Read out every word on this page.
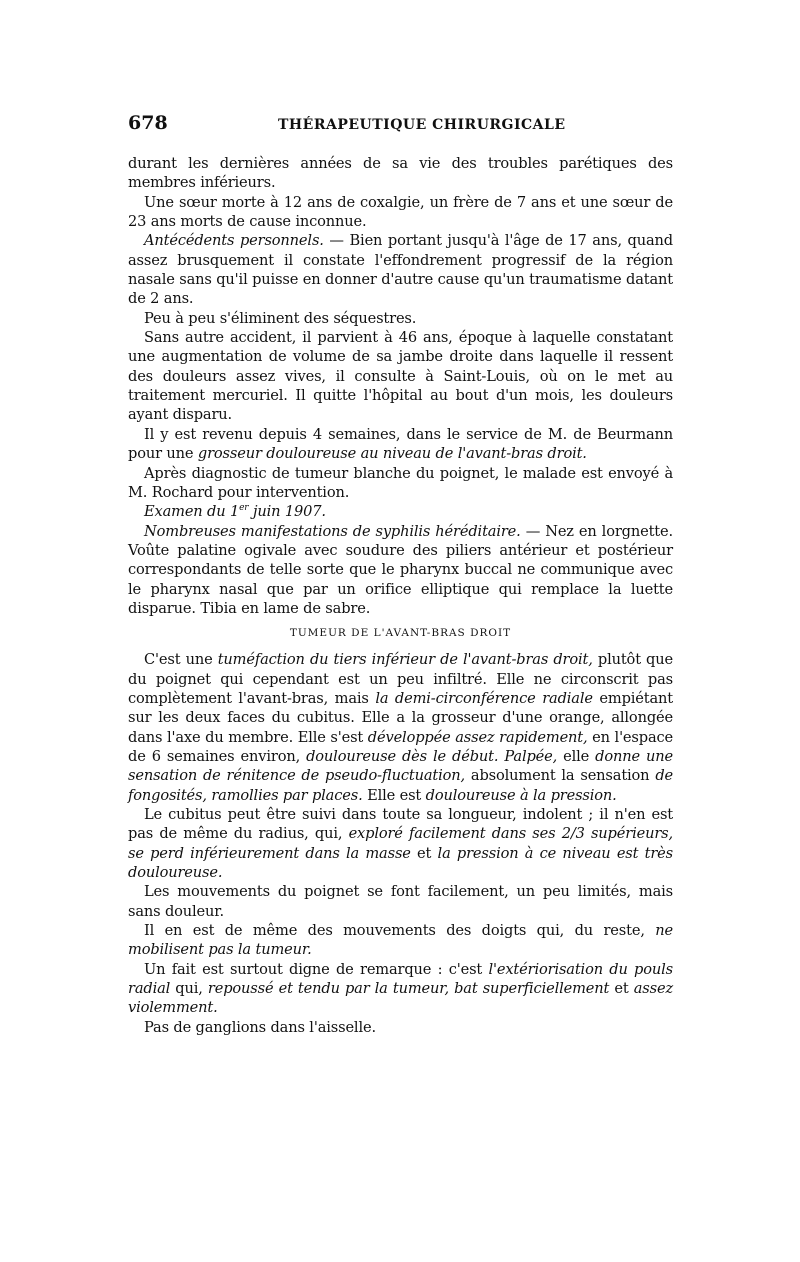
678	THÉRAPEUTIQUE CHIRURGICALE

durant les dernières années de sa vie des troubles parétiques des membres inférieurs.

Une sœur morte à 12 ans de coxalgie, un frère de 7 ans et une sœur de 23 ans morts de cause inconnue.

Antécédents personnels. — Bien portant jusqu'à l'âge de 17 ans, quand assez brusquement il constate l'effondrement progressif de la région nasale sans qu'il puisse en donner d'autre cause qu'un traumatisme datant de 2 ans.

Peu à peu s'éliminent des séquestres.

Sans autre accident, il parvient à 46 ans, époque à laquelle constatant une augmentation de volume de sa jambe droite dans laquelle il ressent des douleurs assez vives, il consulte à Saint-Louis, où on le met au traitement mercuriel. Il quitte l'hôpital au bout d'un mois, les douleurs ayant disparu.

Il y est revenu depuis 4 semaines, dans le service de M. de Beurmann pour une grosseur douloureuse au niveau de l'avant-bras droit.

Après diagnostic de tumeur blanche du poignet, le malade est envoyé à M. Rochard pour intervention.

Examen du 1er juin 1907.

Nombreuses manifestations de syphilis héréditaire. — Nez en lorgnette. Voûte palatine ogivale avec soudure des piliers antérieur et postérieur correspondants de telle sorte que le pharynx buccal ne communique avec le pharynx nasal que par un orifice elliptique qui remplace la luette disparue. Tibia en lame de sabre.

TUMEUR DE L'AVANT-BRAS DROIT

C'est une tuméfaction du tiers inférieur de l'avant-bras droit, plutôt que du poignet qui cependant est un peu infiltré. Elle ne circonscrit pas complètement l'avant-bras, mais la demi-circonférence radiale empiétant sur les deux faces du cubitus. Elle a la grosseur d'une orange, allongée dans l'axe du membre. Elle s'est développée assez rapidement, en l'espace de 6 semaines environ, douloureuse dès le début. Palpée, elle donne une sensation de rénitence de pseudo-fluctuation, absolument la sensation de fongosités, ramollies par places. Elle est douloureuse à la pression.

Le cubitus peut être suivi dans toute sa longueur, indolent ; il n'en est pas de même du radius, qui, exploré facilement dans ses 2/3 supérieurs, se perd inférieurement dans la masse et la pression à ce niveau est très douloureuse.

Les mouvements du poignet se font facilement, un peu limités, mais sans douleur.

Il en est de même des mouvements des doigts qui, du reste, ne mobilisent pas la tumeur.

Un fait est surtout digne de remarque : c'est l'extériorisation du pouls radial qui, repoussé et tendu par la tumeur, bat superficiellement et assez violemment.

Pas de ganglions dans l'aisselle.
